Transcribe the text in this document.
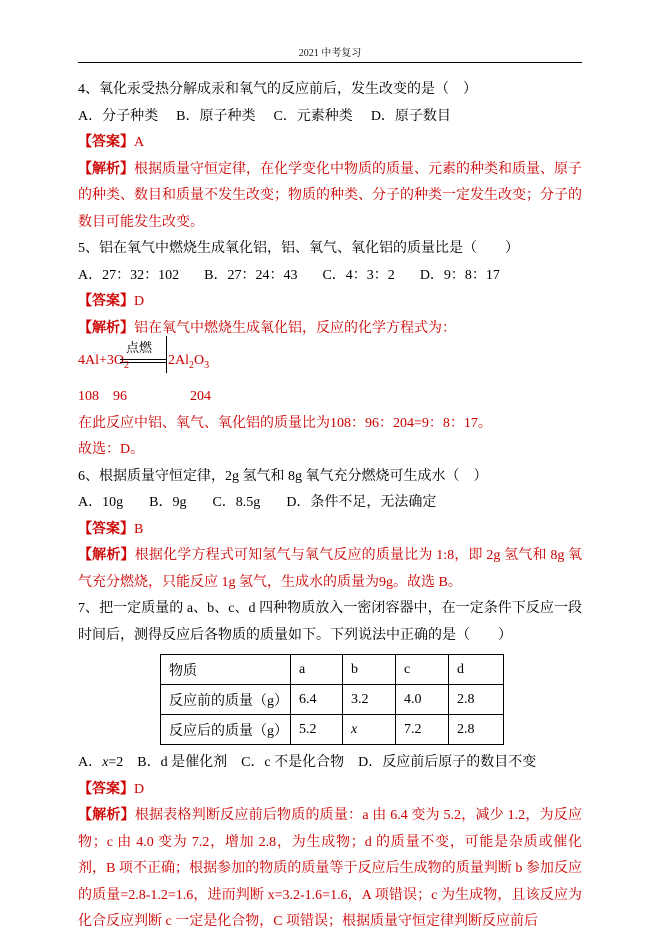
2021 中考复习

4、氧化汞受热分解成汞和氧气的反应前后，发生改变的是（　）

A．分子种类 B．原子种类 C．元素种类 D．原子数目

【答案】A

【解析】根据质量守恒定律，在化学变化中物质的质量、元素的种类和质量、原子的种类、数目和质量不发生改变；物质的种类、分子的种类一定发生改变；分子的数目可能发生改变。

5、铝在氧气中燃烧生成氧化铝，铝、氧气、氧化铝的质量比是（　　）

A．27：32：102 B．27：24：43 C．4：3：2 D．9：8：17

【答案】D

【解析】铝在氧气中燃烧生成氧化铝，反应的化学方程式为：

$4Al+3O_2$
点燃
$2Al_2O_3$

108 96	204

在此反应中铝、氧气、氧化铝的质量比为108：96：204=9：8：17。

故选：D。

6、根据质量守恒定律，2g 氢气和 8g 氧气充分燃烧可生成水（　）

A．10g B．9g C．8.5g D．条件不足，无法确定

【答案】B

【解析】根据化学方程式可知氢气与氧气反应的质量比为 1:8，即 2g 氢气和 8g 氧气充分燃烧，只能反应 1g 氢气，生成水的质量为9g。故选 B。

7、把一定质量的 a、b、c、d 四种物质放入一密闭容器中，在一定条件下反应一段时间后，测得反应后各物质的质量如下。下列说法中正确的是（　　）

物质	a	b	c	d
反应前的质量（g）	6.4	3.2	4.0	2.8
反应后的质量（g）	5.2	x	7.2	2.8
A．x=2 B．d 是催化剂 C．c 不是化合物 D．反应前后原子的数目不变

【答案】D

【解析】根据表格判断反应前后物质的质量：a 由 6.4 变为 5.2，减少 1.2，为反应物；c 由 4.0 变为 7.2，增加 2.8，为生成物；d 的质量不变，可能是杂质或催化剂，B 项不正确；根据参加的物质的质量等于反应后生成物的质量判断 b 参加反应的质量=2.8-1.2=1.6，进而判断 x=3.2-1.6=1.6，A 项错误；c 为生成物，且该反应为化合反应判断 c 一定是化合物，C 项错误；根据质量守恒定律判断反应前后
